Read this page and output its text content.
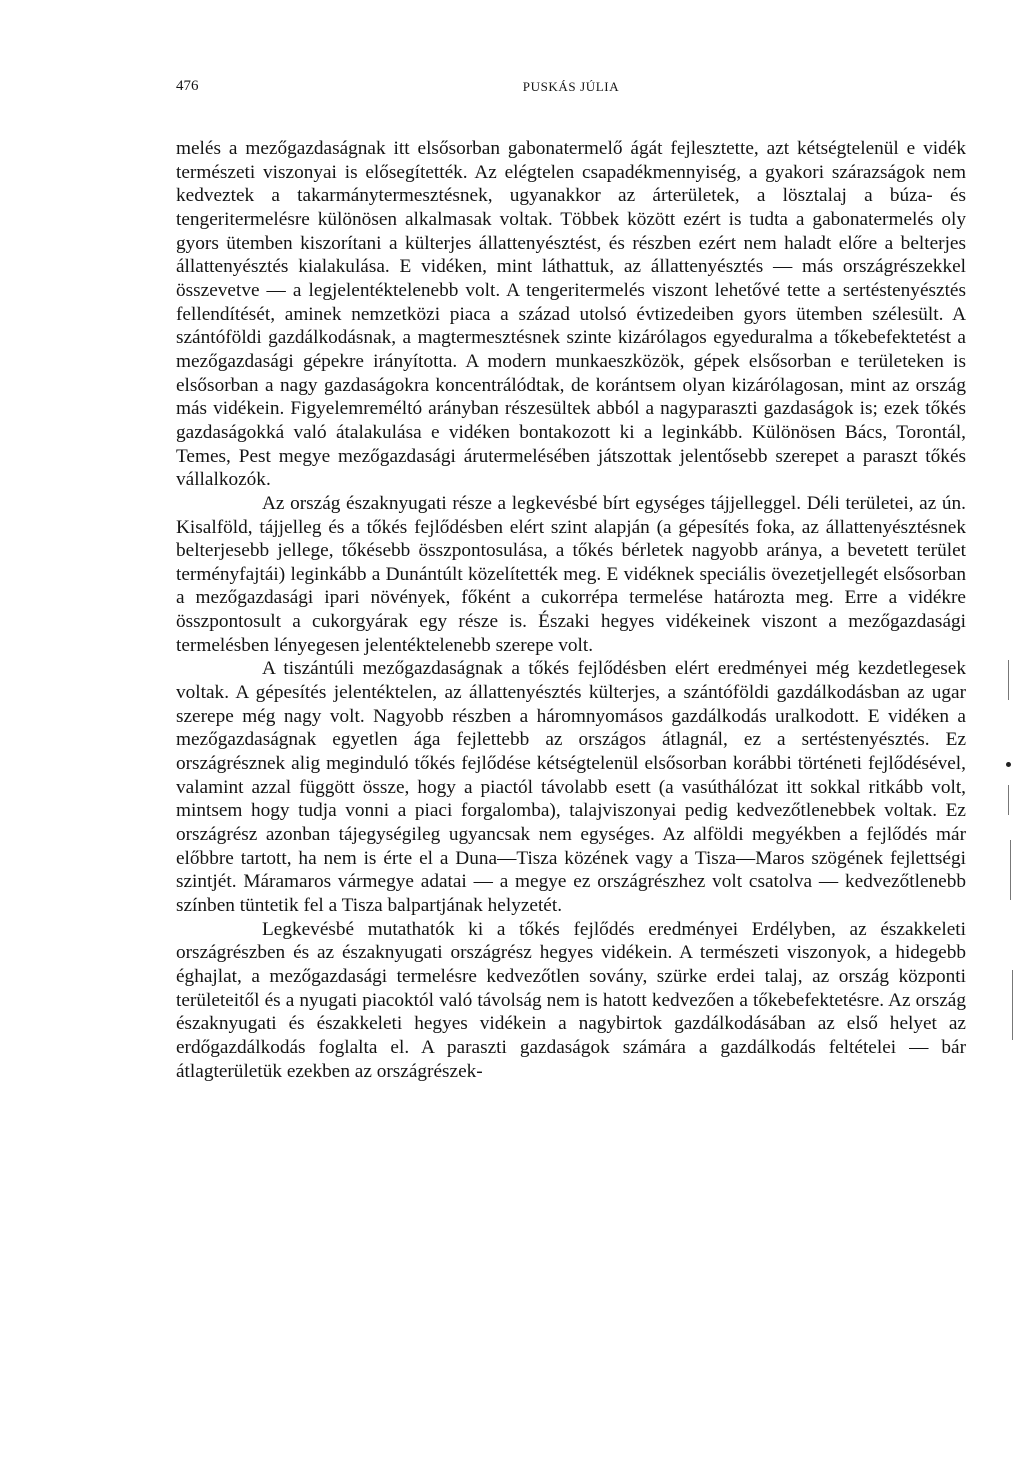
476	PUSKÁS JÚLIA

melés a mezőgazdaságnak itt elsősorban gabonatermelő ágát fejlesztette, azt kétségtelenül e vidék természeti viszonyai is elősegítették. Az elégtelen csapadékmennyiség, a gyakori szárazságok nem kedveztek a takarmánytermesztésnek, ugyanakkor az árterületek, a lösztalaj a búza- és tengeritermelésre különösen alkalmasak voltak. Többek között ezért is tudta a gabonatermelés oly gyors ütemben kiszorítani a külterjes állattenyésztést, és részben ezért nem haladt előre a belterjes állattenyésztés kialakulása. E vidéken, mint láthattuk, az állattenyésztés — más országrészekkel összevetve — a legjelentéktelenebb volt. A tengeritermelés viszont lehetővé tette a sertéstenyésztés fellendítését, aminek nemzetközi piaca a század utolsó évtizedeiben gyors ütemben szélesült. A szántóföldi gazdálkodásnak, a magtermesztésnek szinte kizárólagos egyeduralma a tőkebefektetést a mezőgazdasági gépekre irányította. A modern munkaeszközök, gépek elsősorban e területeken is elsősorban a nagy gazdaságokra koncentrálódtak, de korántsem olyan kizárólagosan, mint az ország más vidékein. Figyelemreméltó arányban részesültek abból a nagyparaszti gazdaságok is; ezek tőkés gazdaságokká való átalakulása e vidéken bontakozott ki a leginkább. Különösen Bács, Torontál, Temes, Pest megye mezőgazdasági árutermelésében játszottak jelentősebb szerepet a paraszt tőkés vállalkozók.

Az ország északnyugati része a legkevésbé bírt egységes tájjelleggel. Déli területei, az ún. Kisalföld, tájjelleg és a tőkés fejlődésben elért szint alapján (a gépesítés foka, az állattenyésztésnek belterjesebb jellege, tőkésebb összpontosulása, a tőkés bérletek nagyobb aránya, a bevetett terület terményfajtái) leginkább a Dunántúlt közelítették meg. E vidéknek speciális övezetjellegét elsősorban a mezőgazdasági ipari növények, főként a cukorrépa termelése határozta meg. Erre a vidékre összpontosult a cukorgyárak egy része is. Északi hegyes vidékeinek viszont a mezőgazdasági termelésben lényegesen jelentéktelenebb szerepe volt.

A tiszántúli mezőgazdaságnak a tőkés fejlődésben elért eredményei még kezdetlegesek voltak. A gépesítés jelentéktelen, az állattenyésztés külterjes, a szántóföldi gazdálkodásban az ugar szerepe még nagy volt. Nagyobb részben a háromnyomásos gazdálkodás uralkodott. E vidéken a mezőgazdaságnak egyetlen ága fejlettebb az országos átlagnál, ez a sertéstenyésztés. Ez országrésznek alig meginduló tőkés fejlődése kétségtelenül elsősorban korábbi történeti fejlődésével, valamint azzal függött össze, hogy a piactól távolabb esett (a vasúthálózat itt sokkal ritkább volt, mintsem hogy tudja vonni a piaci forgalomba), talajviszonyai pedig kedvezőtlenebbek voltak. Ez országrész azonban tájegységileg ugyancsak nem egységes. Az alföldi megyékben a fejlődés már előbbre tartott, ha nem is érte el a Duna—Tisza közének vagy a Tisza—Maros szögének fejlettségi szintjét. Máramaros vármegye adatai — a megye ez országrészhez volt csatolva — kedvezőtlenebb színben tüntetik fel a Tisza balpartjának helyzetét.

Legkevésbé mutathatók ki a tőkés fejlődés eredményei Erdélyben, az északkeleti országrészben és az északnyugati országrész hegyes vidékein. A természeti viszonyok, a hidegebb éghajlat, a mezőgazdasági termelésre kedvezőtlen sovány, szürke erdei talaj, az ország központi területeitől és a nyugati piacoktól való távolság nem is hatott kedvezően a tőkebefektetésre. Az ország északnyugati és északkeleti hegyes vidékein a nagybirtok gazdálkodásában az első helyet az erdőgazdálkodás foglalta el. A paraszti gazdaságok számára a gazdálkodás feltételei — bár átlagterületük ezekben az országrészek-
